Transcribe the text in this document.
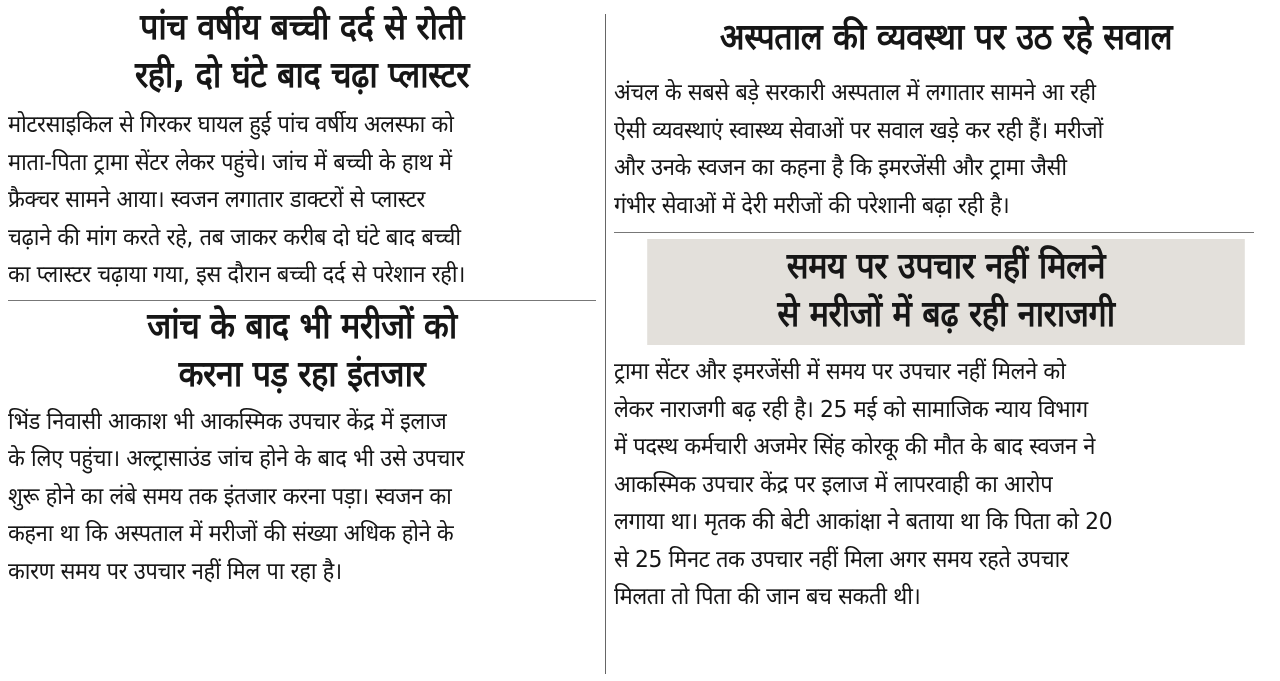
पांच वर्षीय बच्ची दर्द से रोती
रही, दो घंटे बाद चढ़ा प्लास्टर

मोटरसाइकिल से गिरकर घायल हुई पांच वर्षीय अलस्फा को
माता-पिता ट्रामा सेंटर लेकर पहुंचे। जांच में बच्ची के हाथ में
फ्रैक्चर सामने आया। स्वजन लगातार डाक्टरों से प्लास्टर
चढ़ाने की मांग करते रहे, तब जाकर करीब दो घंटे बाद बच्ची
का प्लास्टर चढ़ाया गया, इस दौरान बच्ची दर्द से परेशान रही।

जांच के बाद भी मरीजों को
करना पड़ रहा इंतजार

भिंड निवासी आकाश भी आकस्मिक उपचार केंद्र में इलाज
के लिए पहुंचा। अल्ट्रासाउंड जांच होने के बाद भी उसे उपचार
शुरू होने का लंबे समय तक इंतजार करना पड़ा। स्वजन का
कहना था कि अस्पताल में मरीजों की संख्या अधिक होने के
कारण समय पर उपचार नहीं मिल पा रहा है।

अस्पताल की व्यवस्था पर उठ रहे सवाल

अंचल के सबसे बड़े सरकारी अस्पताल में लगातार सामने आ रही
ऐसी व्यवस्थाएं स्वास्थ्य सेवाओं पर सवाल खड़े कर रही हैं। मरीजों
और उनके स्वजन का कहना है कि इमरजेंसी और ट्रामा जैसी
गंभीर सेवाओं में देरी मरीजों की परेशानी बढ़ा रही है।

समय पर उपचार नहीं मिलने
से मरीजों में बढ़ रही नाराजगी

ट्रामा सेंटर और इमरजेंसी में समय पर उपचार नहीं मिलने को
लेकर नाराजगी बढ़ रही है। 25 मई को सामाजिक न्याय विभाग
में पदस्थ कर्मचारी अजमेर सिंह कोरकू की मौत के बाद स्वजन ने
आकस्मिक उपचार केंद्र पर इलाज में लापरवाही का आरोप
लगाया था। मृतक की बेटी आकांक्षा ने बताया था कि पिता को 20
से 25 मिनट तक उपचार नहीं मिला अगर समय रहते उपचार
मिलता तो पिता की जान बच सकती थी।
